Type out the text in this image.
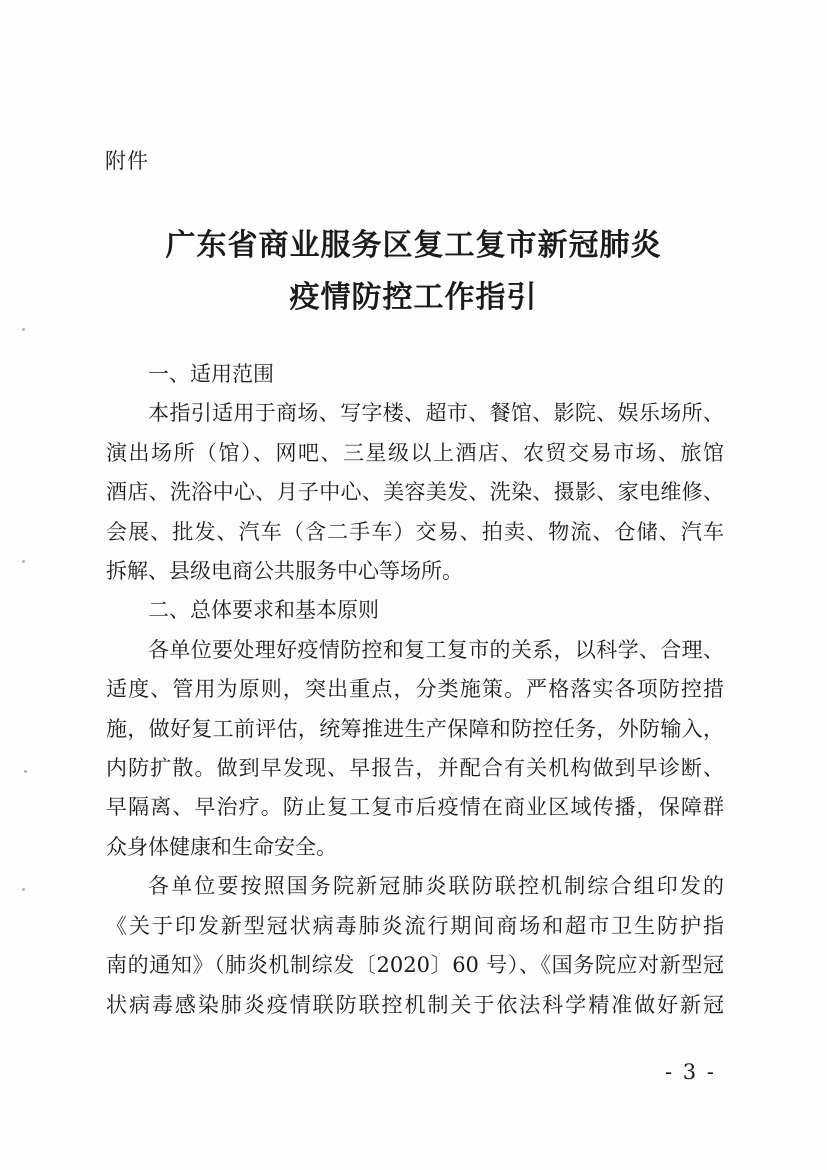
附件
广东省商业服务区复工复市新冠肺炎
疫情防控工作指引

一、适用范围

本指引适用于商场、写字楼、超市、餐馆、影院、娱乐场所、
演出场所（馆）、网吧、三星级以上酒店、农贸交易市场、旅馆
酒店、洗浴中心、月子中心、美容美发、洗染、摄影、家电维修、
会展、批发、汽车（含二手车）交易、拍卖、物流、仓储、汽车
拆解、县级电商公共服务中心等场所。

二、总体要求和基本原则

各单位要处理好疫情防控和复工复市的关系，以科学、合理、
适度、管用为原则，突出重点，分类施策。严格落实各项防控措
施，做好复工前评估，统筹推进生产保障和防控任务，外防输入，
内防扩散。做到早发现、早报告，并配合有关机构做到早诊断、
早隔离、早治疗。防止复工复市后疫情在商业区域传播，保障群
众身体健康和生命安全。
各单位要按照国务院新冠肺炎联防联控机制综合组印发的
《关于印发新型冠状病毒肺炎流行期间商场和超市卫生防护指
南的通知》（肺炎机制综发〔2020〕60 号）、《国务院应对新型冠
状病毒感染肺炎疫情联防联控机制关于依法科学精准做好新冠
- 3 -
